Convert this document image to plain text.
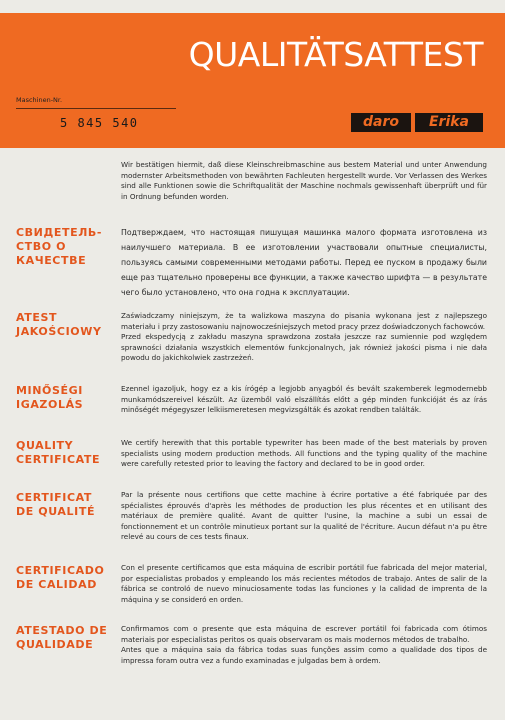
QUALITÄTSATTEST
Maschinen-Nr.
5 845 540	daro	Erika
Wir bestätigen hiermit, daß diese Kleinschreibmaschine aus bestem Material und unter Anwendung modernster Arbeitsmethoden von bewährten Fachleuten hergestellt wurde. Vor Verlassen des Werkes sind alle Funktionen sowie die Schriftqualität der Maschine nochmals gewissenhaft überprüft und für in Ordnung befunden worden.
СВИДЕТЕЛЬ-
СТВО О
КАЧЕСТВЕ
Подтверждаем, что настоящая пишущая машинка малого формата изготовлена из наилучшего материала. В ее изготовлении участвовали опытные специалисты, пользуясь самыми современными методами работы. Перед ее пуском в продажу были еще раз тщательно проверены все функции, а также качество шрифта — в результате чего было установлено, что она годна к эксплуатации.
ATEST
JAKOŚCIOWY
Zaświadczamy niniejszym, że ta walizkowa maszyna do pisania wykonana jest z najlepszego materiału i przy zastosowaniu najnowocześniejszych metod pracy przez doświadczonych fachowców.
Przed ekspedycją z zakładu maszyna sprawdzona została jeszcze raz sumiennie pod względem sprawności działania wszystkich elementów funkcjonalnych, jak również jakości pisma i nie dała powodu do jakichkolwiek zastrzeżeń.
MINŐSÉGI
IGAZOLÁS
Ezennel igazoljuk, hogy ez a kis írógép a legjobb anyagból és bevált szakemberek legmodernebb munkamódszereivel készült. Az üzemből való elszállítás előtt a gép minden funkcióját és az írás minőségét mégegyszer lelkiismeretesen megvizsgálták és azokat rendben találták.
QUALITY
CERTIFICATE
We certify herewith that this portable typewriter has been made of the best materials by proven specialists using modern production methods. All functions and the typing quality of the machine were carefully retested prior to leaving the factory and declared to be in good order.
CERTIFICAT
DE QUALITÉ
Par la présente nous certifions que cette machine à écrire portative a été fabriquée par des spécialistes éprouvés d'après les méthodes de production les plus récentes et en utilisant des matériaux de première qualité. Avant de quitter l'usine, la machine a subi un essai de fonctionnement et un contrôle minutieux portant sur la qualité de l'écriture. Aucun défaut n'a pu être relevé au cours de ces tests finaux.
CERTIFICADO
DE CALIDAD
Con el presente certificamos que esta máquina de escribir portátil fue fabricada del mejor material, por especialistas probados y empleando los más recientes métodos de trabajo. Antes de salir de la fábrica se controló de nuevo minuciosamente todas las funciones y la calidad de imprenta de la máquina y se consideró en orden.
ATESTADO DE
QUALIDADE
Confirmamos com o presente que esta máquina de escrever portátil foi fabricada com ótimos materiais por especialistas peritos os quais observaram os mais modernos métodos de trabalho.
Antes que a máquina saia da fábrica todas suas funções assim como a qualidade dos tipos de impressa foram outra vez a fundo examinadas e julgadas bem à ordem.
